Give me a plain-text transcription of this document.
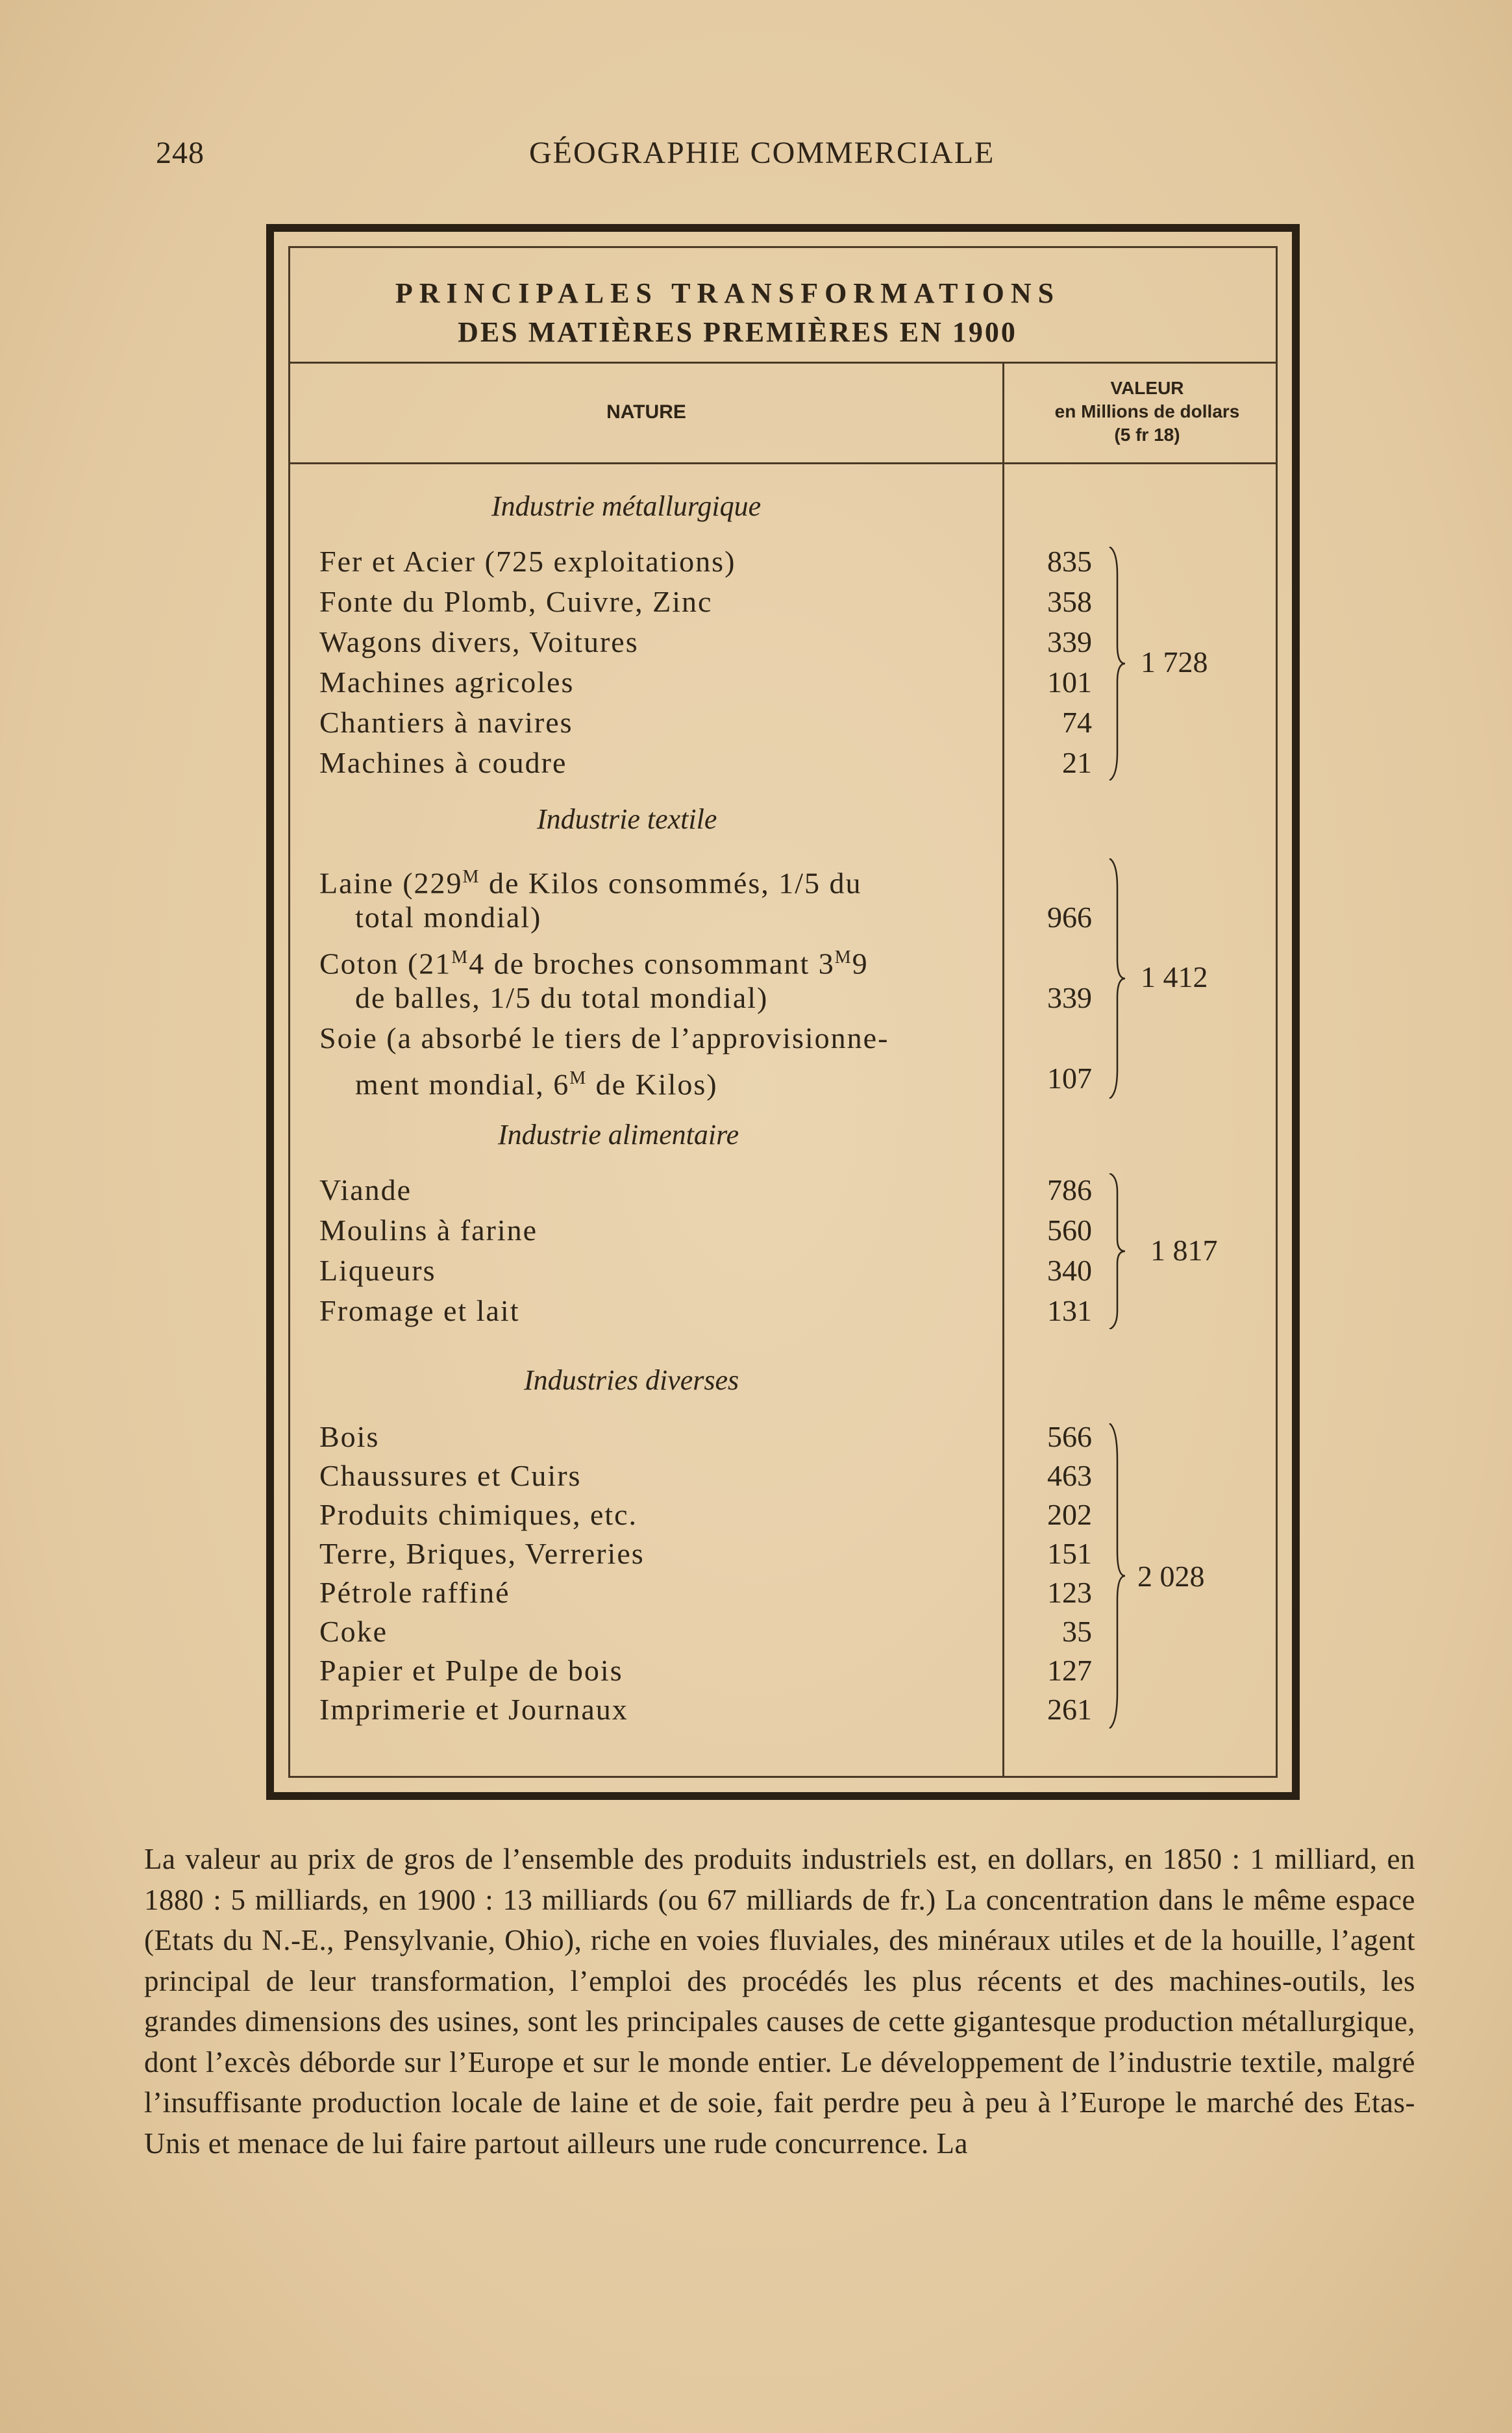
248	GÉOGRAPHIE COMMERCIALE
PRINCIPALES TRANSFORMATIONS
DES MATIÈRES PREMIÈRES EN 1900
NATURE
VALEUR
en Millions de dollars
(5 fr 18)
Industrie métallurgique
Fer et Acier (725 exploitations)
Fonte du Plomb, Cuivre, Zinc
Wagons divers, Voitures
Machines agricoles
Chantiers à navires
Machines à coudre
835
358
339
101
74
21
1 728
Industrie textile
Laine ($229^M$ de Kilos consommés, 1/5 du
total mondial)
Coton ($21^M4$ de broches consommant $3^M9$
de balles, 1/5 du total mondial)
Soie (a absorbé le tiers de l’approvisionne-
ment mondial, $6^M$ de Kilos)
966
339
107
1 412
Industrie alimentaire
Viande
Moulins à farine
Liqueurs
Fromage et lait
786
560
340
131
1 817
Industries diverses
Bois
Chaussures et Cuirs
Produits chimiques, etc.
Terre, Briques, Verreries
Pétrole raffiné
Coke
Papier et Pulpe de bois
Imprimerie et Journaux
566
463
202
151
123
35
127
261
2 028
La valeur au prix de gros de l’ensemble des produits industriels est, en dollars, en 1850 : 1 milliard, en 1880 : 5 milliards, en 1900 : 13 milliards (ou 67 milliards de fr.) La concentration dans le même espace (Etats du N.-E., Pensylvanie, Ohio), riche en voies fluviales, des minéraux utiles et de la houille, l’agent principal de leur transformation, l’emploi des procédés les plus récents et des machines-outils, les grandes dimensions des usines, sont les principales causes de cette gigantesque production métallurgique, dont l’excès déborde sur l’Europe et sur le monde entier. Le développement de l’industrie textile, malgré l’insuffisante production locale de laine et de soie, fait perdre peu à peu à l’Europe le marché des Etas-Unis et menace de lui faire partout ailleurs une rude concurrence. La
